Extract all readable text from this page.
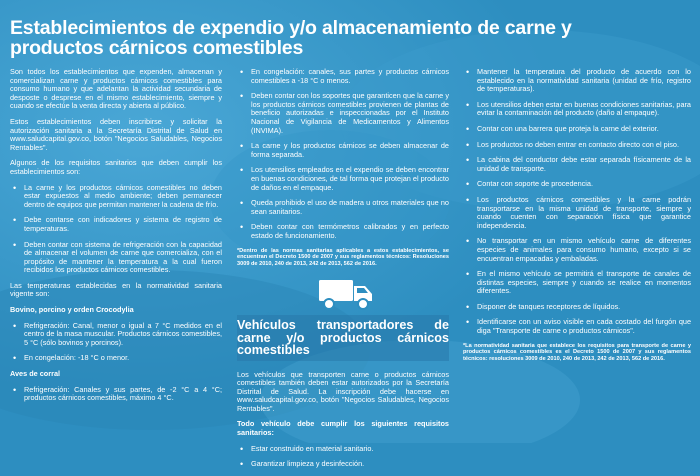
Establecimientos de expendio y/o almacenamiento de carne y productos cárnicos comestibles

Son todos los establecimientos que expenden, almacenan y comercializan carne y productos cárnicos comestibles para consumo humano y que adelantan la actividad secundaria de desposte o desprese en el mismo establecimiento, siempre y cuando se efectúe la venta directa y abierta al público.

Estos establecimientos deben inscribirse y solicitar la autorización sanitaria a la Secretaría Distrital de Salud en www.saludcapital.gov.co, botón "Negocios Saludables, Negocios Rentables".

Algunos de los requisitos sanitarios que deben cumplir los establecimientos son:

• La carne y los productos cárnicos comestibles no deben estar expuestos al medio ambiente; deben permanecer dentro de equipos que permitan mantener la cadena de frío.
• Debe contarse con indicadores y sistema de registro de temperaturas.
• Deben contar con sistema de refrigeración con la capacidad de almacenar el volumen de carne que comercializa, con el propósito de mantener la temperatura a la cual fueron recibidos los productos cárnicos comestibles.

Las temperaturas establecidas en la normatividad sanitaria vigente son:

Bovino, porcino y orden Crocodylia

• Refrigeración: Canal, menor o igual a 7 °C medidos en el centro de la masa muscular. Productos cárnicos comestibles, 5 °C (sólo bovinos y porcinos).
• En congelación: -18 °C o menor.

Aves de corral

• Refrigeración: Canales y sus partes, de -2 °C a 4 °C; productos cárnicos comestibles, máximo 4 °C.
• En congelación: canales, sus partes y productos cárnicos comestibles a -18 °C o menos.
• Deben contar con los soportes que garanticen que la carne y los productos cárnicos comestibles provienen de plantas de beneficio autorizadas e inspeccionadas por el Instituto Nacional de Vigilancia de Medicamentos y Alimentos (INVIMA).
• La carne y los productos cárnicos se deben almacenar de forma separada.
• Los utensilios empleados en el expendio se deben encontrar en buenas condiciones, de tal forma que protejan el producto de daños en el empaque.
• Queda prohibido el uso de madera u otros materiales que no sean sanitarios.
• Deben contar con termómetros calibrados y en perfecto estado de funcionamiento.

*Dentro de las normas sanitarias aplicables a estos establecimientos, se encuentran el Decreto 1500 de 2007 y sus reglamentos técnicos: Resoluciones 3009 de 2010, 240 de 2013, 242 de 2013, 562 de 2016.

Vehículos transportadores de carne y/o productos cárnicos comestibles

Los vehículos que transporten carne o productos cárnicos comestibles también deben estar autorizados por la Secretaría Distrital de Salud. La inscripción debe hacerse en www.saludcapital.gov.co, botón "Negocios Saludables, Negocios Rentables".

Todo vehículo debe cumplir los siguientes requisitos sanitarios:

• Estar construido en material sanitario.
• Garantizar limpieza y desinfección.
• Mantener la temperatura del producto de acuerdo con lo establecido en la normatividad sanitaria (unidad de frío, registro de temperaturas).
• Los utensilios deben estar en buenas condiciones sanitarias, para evitar la contaminación del producto (daño al empaque).
• Contar con una barrera que proteja la carne del exterior.
• Los productos no deben entrar en contacto directo con el piso.
• La cabina del conductor debe estar separada físicamente de la unidad de transporte.
• Contar con soporte de procedencia.
• Los productos cárnicos comestibles y la carne podrán transportarse en la misma unidad de transporte, siempre y cuando cuenten con separación física que garantice independencia.
• No transportar en un mismo vehículo carne de diferentes especies de animales para consumo humano, excepto si se encuentran empacadas y embaladas.
• En el mismo vehículo se permitirá el transporte de canales de distintas especies, siempre y cuando se realice en momentos diferentes.
• Disponer de tanques receptores de líquidos.
• Identificarse con un aviso visible en cada costado del furgón que diga "Transporte de carne o productos cárnicos".

*La normatividad sanitaria que establece los requisitos para transporte de carne y productos cárnicos comestibles es el Decreto 1500 de 2007 y sus reglamentos técnicos: resoluciones 3009 de 2010, 240 de 2013, 242 de 2013, 562 de 2016.
